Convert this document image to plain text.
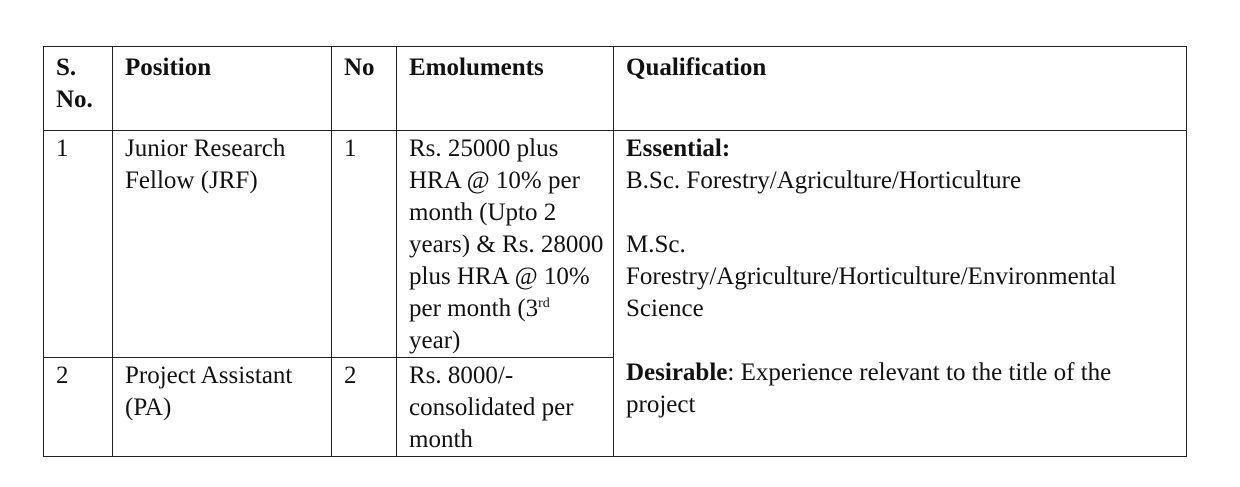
S. No.	Position	No	Emoluments	Qualification
1	Junior Research Fellow (JRF)	1	Rs. 25000 plus HRA @ 10% per month (Upto 2 years) & Rs. 28000 plus HRA @ 10% per month (3rd year)	Essential:
B.Sc. Forestry/Agriculture/Horticulture
M.Sc. Forestry/Agriculture/Horticulture/Environmental Science
Desirable: Experience relevant to the title of the project
2	Project Assistant (PA)	2	Rs. 8000/- consolidated per month	
